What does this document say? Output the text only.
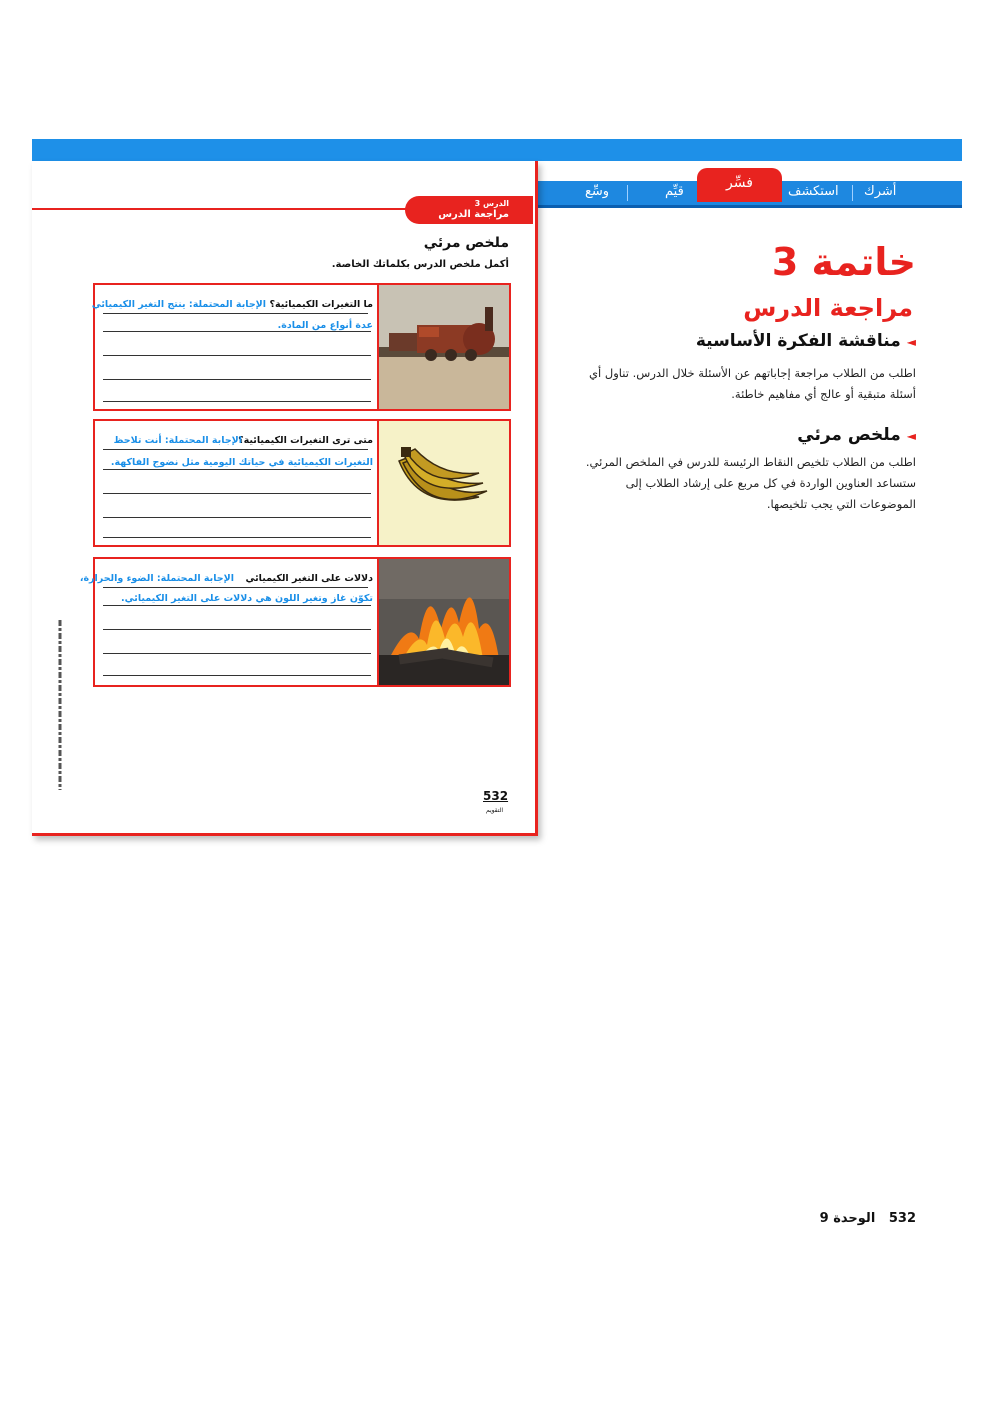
أشرك
استكشف
فسِّر
قيِّم
وسِّع
الدرس 3
مراجعة الدرس
ملخص مرئي
أكمل ملخص الدرس بكلماتك الخاصة.
ما التغيرات الكيميائية؟
الإجابة المحتملة: ينتج التغير الكيميائي
عدة أنواع من المادة.
متى ترى التغيرات الكيميائية؟
الإجابة المحتملة: أنت تلاحظ
التغيرات الكيميائية في حياتك اليومية مثل نضوج الفاكهة.
دلالات على التغير الكيميائي
الإجابة المحتملة: الضوء والحرارة،
تكوّن غاز وتغير اللون هي دلالات على التغير الكيميائي.
532
التقويم
خاتمة 3
مراجعة الدرس
◄مناقشة الفكرة الأساسية
اطلب من الطلاب مراجعة إجاباتهم عن الأسئلة خلال الدرس. تناول أي أسئلة متبقية أو عالج أي مفاهيم خاطئة.
◄ملخص مرئي
اطلب من الطلاب تلخيص النقاط الرئيسة للدرس في الملخص المرئي. ستساعد العناوين الواردة في كل مربع على إرشاد الطلاب إلى الموضوعات التي يجب تلخيصها.
532   الوحدة 9
